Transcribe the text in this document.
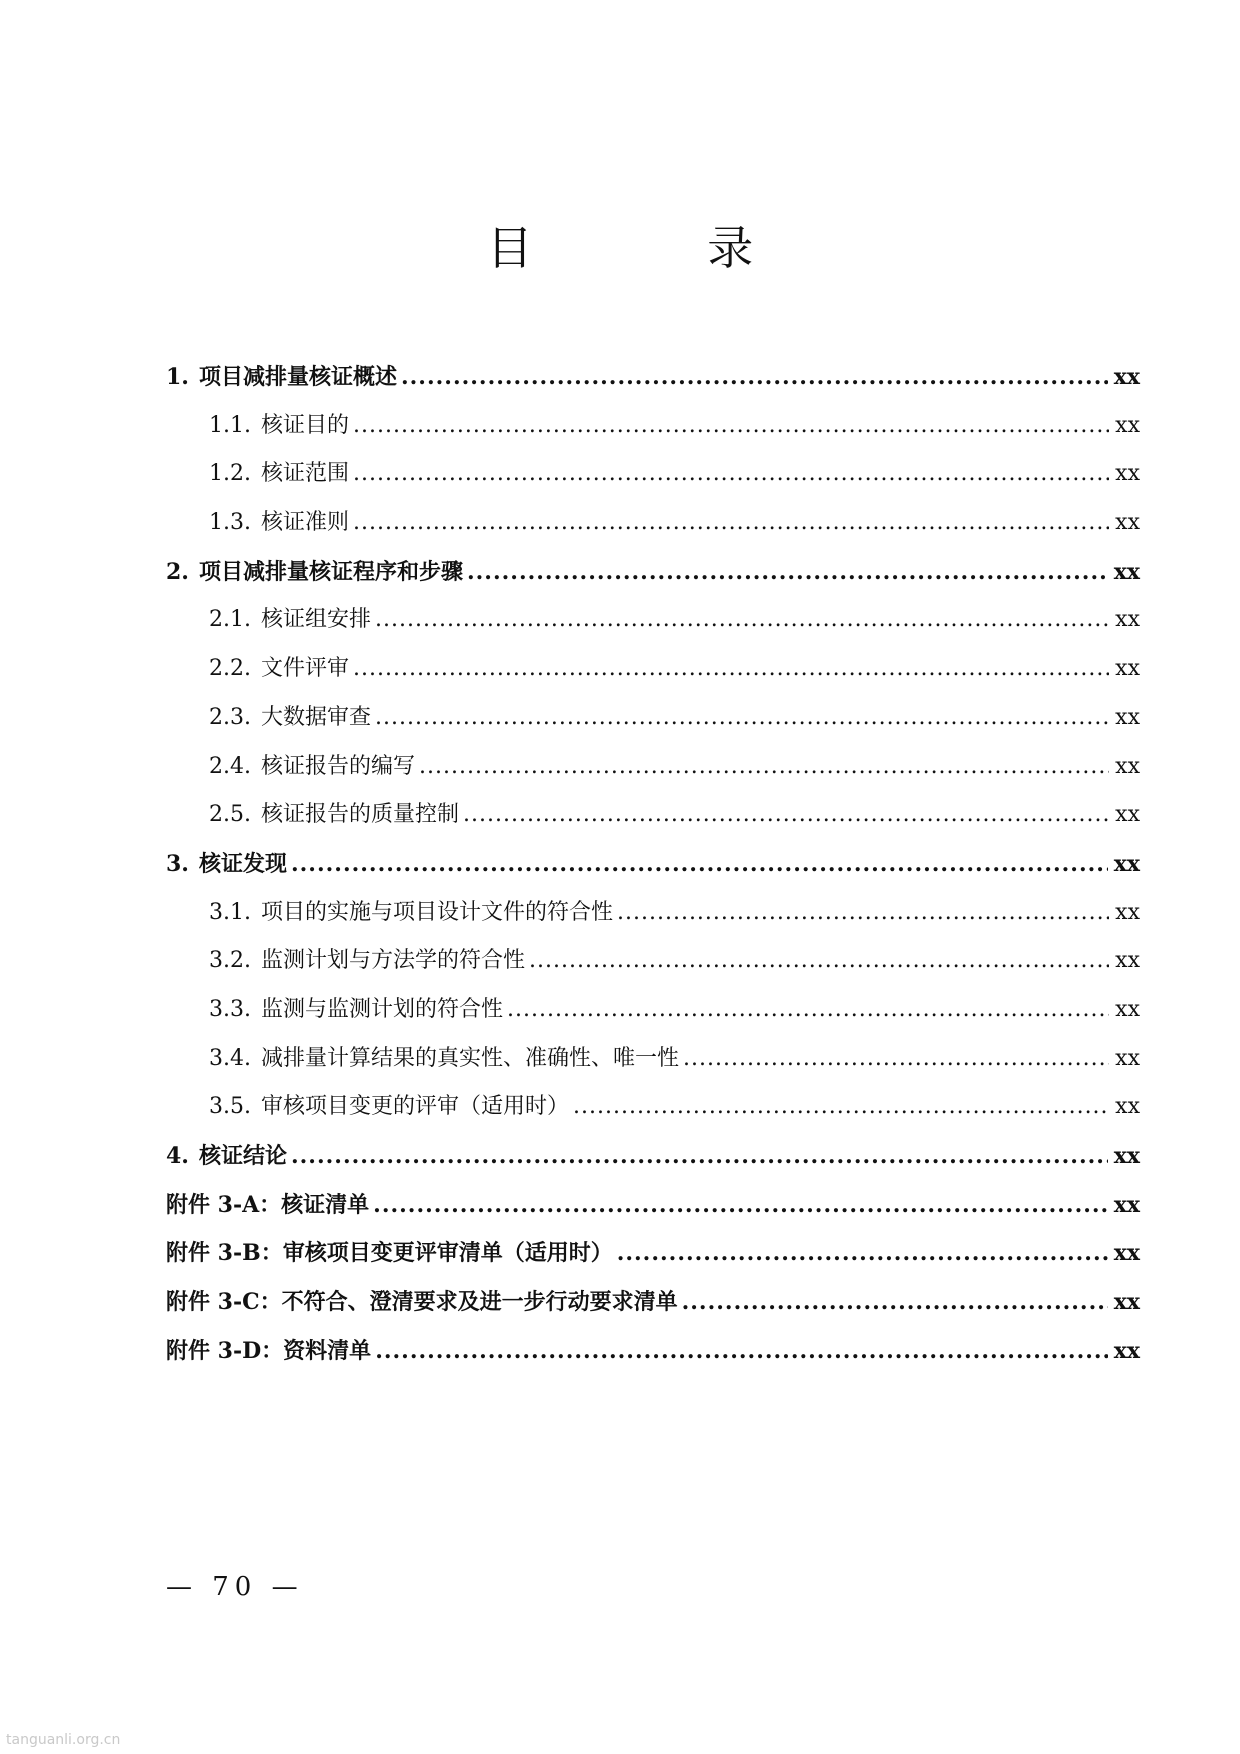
目 录
1. 项目减排量核证概述 .....	xx
1.1. 核证目的 .....	xx
1.2. 核证范围 .....	xx
1.3. 核证准则 .....	xx
2. 项目减排量核证程序和步骤 .....	xx
2.1. 核证组安排 .....	xx
2.2. 文件评审 .....	xx
2.3. 大数据审查 .....	xx
2.4. 核证报告的编写 .....	xx
2.5. 核证报告的质量控制 .....	xx
3. 核证发现 .....	xx
3.1. 项目的实施与项目设计文件的符合性 .....	xx
3.2. 监测计划与方法学的符合性 .....	xx
3.3. 监测与监测计划的符合性 .....	xx
3.4. 减排量计算结果的真实性、准确性、唯一性 .....	xx
3.5. 审核项目变更的评审（适用时） .....	xx
4. 核证结论 .....	xx
附件 3-A：核证清单 .....	xx
附件 3-B：审核项目变更评审清单（适用时） .....	xx
附件 3-C：不符合、澄清要求及进一步行动要求清单 .....	xx
附件 3-D：资料清单 .....	xx
— 70 —
tanguanli.org.cn
